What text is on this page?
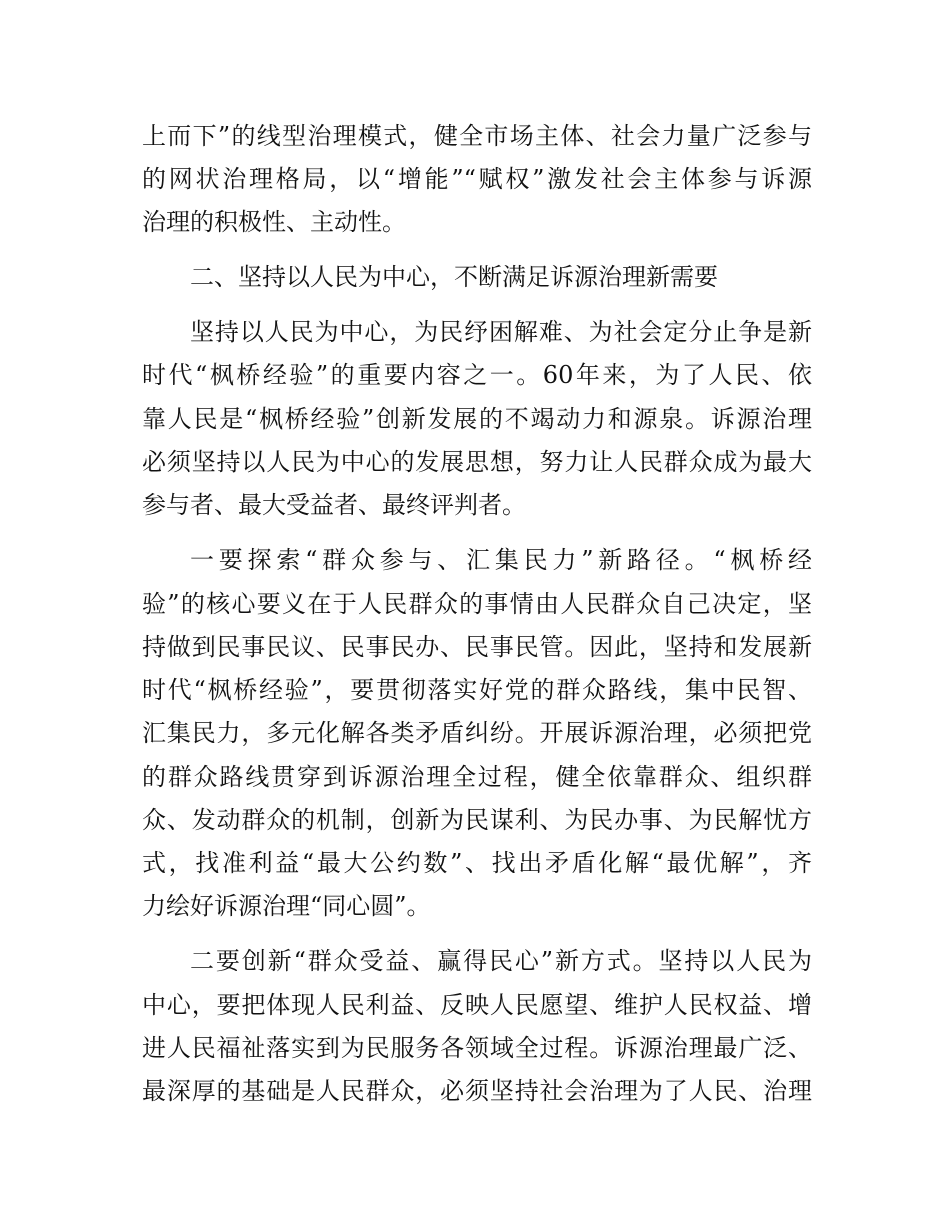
上而下”的线型治理模式，健全市场主体、社会力量广泛参与

的网状治理格局，以“增能”“赋权”激发社会主体参与诉源

治理的积极性、主动性。

二、坚持以人民为中心，不断满足诉源治理新需要

坚持以人民为中心，为民纾困解难、为社会定分止争是新

时代“枫桥经验”的重要内容之一。60年来，为了人民、依

靠人民是“枫桥经验”创新发展的不竭动力和源泉。诉源治理

必须坚持以人民为中心的发展思想，努力让人民群众成为最大

参与者、最大受益者、最终评判者。

一要探索“群众参与、汇集民力”新路径。“枫桥经

验”的核心要义在于人民群众的事情由人民群众自己决定，坚

持做到民事民议、民事民办、民事民管。因此，坚持和发展新

时代“枫桥经验”，要贯彻落实好党的群众路线，集中民智、

汇集民力，多元化解各类矛盾纠纷。开展诉源治理，必须把党

的群众路线贯穿到诉源治理全过程，健全依靠群众、组织群

众、发动群众的机制，创新为民谋利、为民办事、为民解忧方

式，找准利益“最大公约数”、找出矛盾化解“最优解”，齐

力绘好诉源治理“同心圆”。

二要创新“群众受益、赢得民心”新方式。坚持以人民为

中心，要把体现人民利益、反映人民愿望、维护人民权益、增

进人民福祉落实到为民服务各领域全过程。诉源治理最广泛、

最深厚的基础是人民群众，必须坚持社会治理为了人民、治理
